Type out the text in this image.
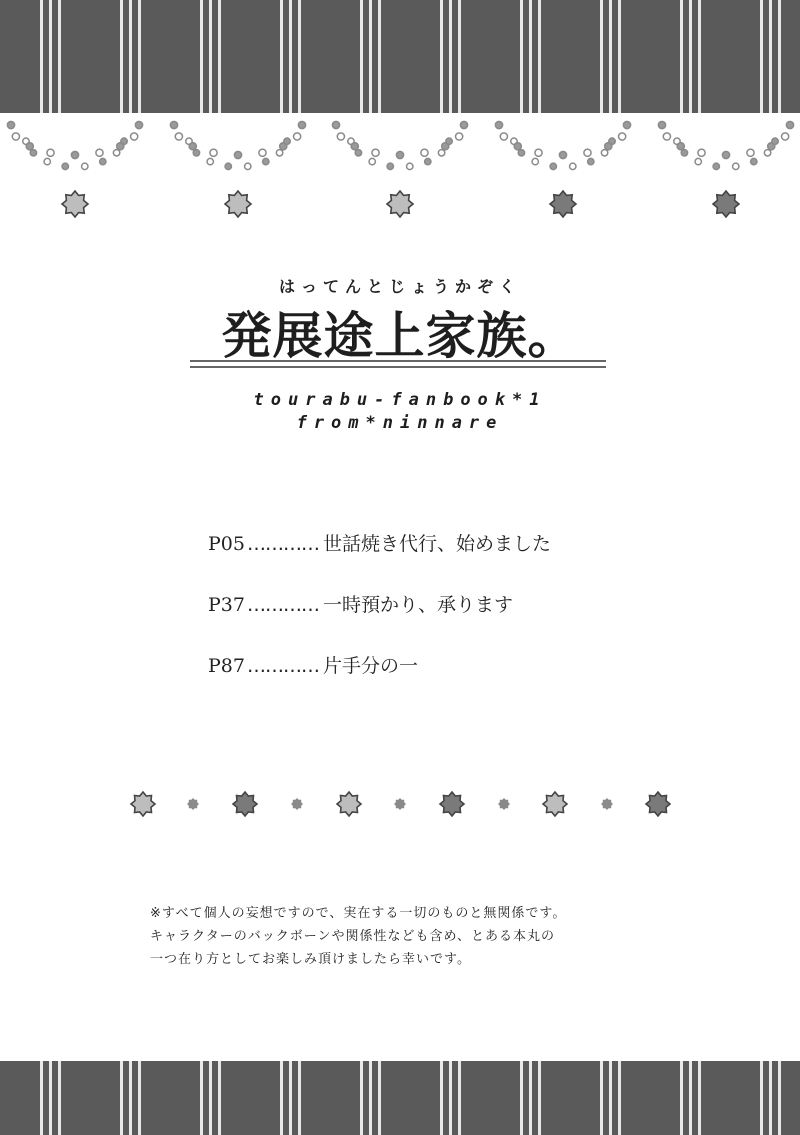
はってんとじょうかぞく
発展途上家族。
tourabu-fanbook*1
from*ninnare
P05 ………… 世話焼き代行、始めました
P37 ………… 一時預かり、承ります
P87 ………… 片手分の一
※すべて個人の妄想ですので、実在する一切のものと無関係です。
キャラクターのバックボーンや関係性なども含め、とある本丸の
一つ在り方としてお楽しみ頂けましたら幸いです。
